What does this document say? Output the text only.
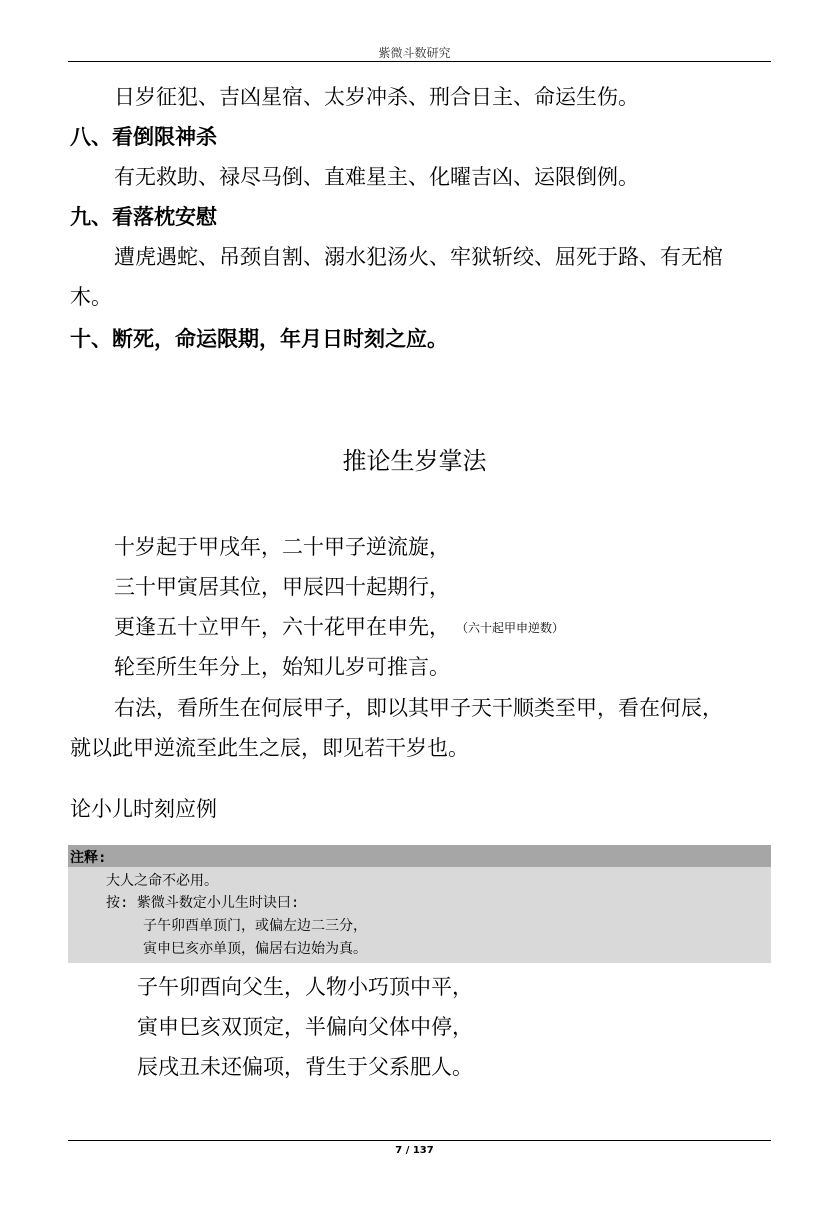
紫微斗数研究
日岁征犯、吉凶星宿、太岁冲杀、刑合日主、命运生伤。
八、看倒限神杀
有无救助、禄尽马倒、直难星主、化曜吉凶、运限倒例。
九、看落枕安慰
遭虎遇蛇、吊颈自割、溺水犯汤火、牢狱斩绞、屈死于路、有无棺
木。
十、断死，命运限期，年月日时刻之应。
推论生岁掌法
十岁起于甲戌年，二十甲子逆流旋，
三十甲寅居其位，甲辰四十起期行，
更逢五十立甲午，六十花甲在申先， （六十起甲申逆数）
轮至所生年分上，始知儿岁可推言。
右法，看所生在何辰甲子，即以其甲子天干顺类至甲，看在何辰，
就以此甲逆流至此生之辰，即见若干岁也。
论小儿时刻应例
注释:
大人之命不必用。
按: 紫微斗数定小儿生时诀曰:
子午卯酉单顶门，或偏左边二三分，
寅申巳亥亦单顶，偏居右边始为真。
子午卯酉向父生，人物小巧顶中平，
寅申巳亥双顶定，半偏向父体中停，
辰戌丑未还偏项，背生于父系肥人。
7 / 137
